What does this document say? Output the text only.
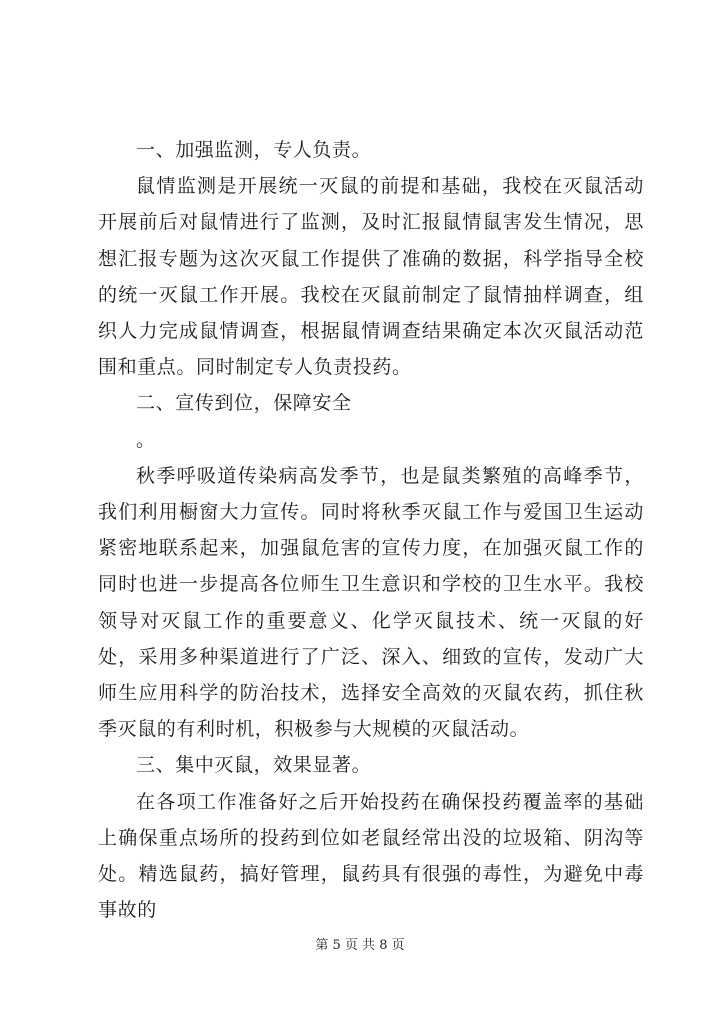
一、加强监测，专人负责。

鼠情监测是开展统一灭鼠的前提和基础，我校在灭鼠活动开展前后对鼠情进行了监测，及时汇报鼠情鼠害发生情况，思想汇报专题为这次灭鼠工作提供了准确的数据，科学指导全校的统一灭鼠工作开展。我校在灭鼠前制定了鼠情抽样调查，组织人力完成鼠情调查，根据鼠情调查结果确定本次灭鼠活动范围和重点。同时制定专人负责投药。

二、宣传到位，保障安全

。

秋季呼吸道传染病高发季节，也是鼠类繁殖的高峰季节，我们利用橱窗大力宣传。同时将秋季灭鼠工作与爱国卫生运动紧密地联系起来，加强鼠危害的宣传力度，在加强灭鼠工作的同时也进一步提高各位师生卫生意识和学校的卫生水平。我校领导对灭鼠工作的重要意义、化学灭鼠技术、统一灭鼠的好处，采用多种渠道进行了广泛、深入、细致的宣传，发动广大师生应用科学的防治技术，选择安全高效的灭鼠农药，抓住秋季灭鼠的有利时机，积极参与大规模的灭鼠活动。

三、集中灭鼠，效果显著。

在各项工作准备好之后开始投药在确保投药覆盖率的基础上确保重点场所的投药到位如老鼠经常出没的垃圾箱、阴沟等处。精选鼠药，搞好管理，鼠药具有很强的毒性，为避免中毒事故的

第 5 页 共 8 页
